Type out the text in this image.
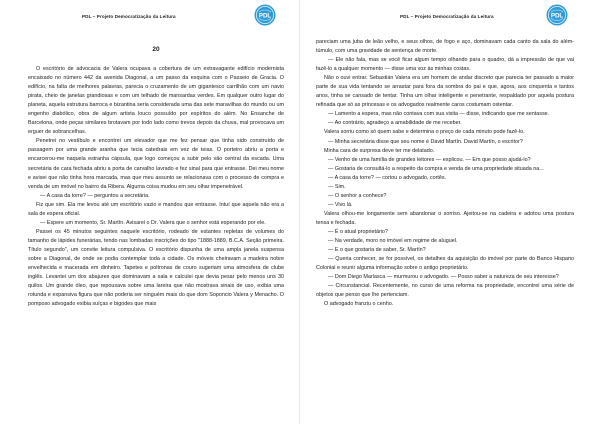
PDL – Projeto Democratização da Leitura	PDL
20

O escritório de advocacia de Valera ocupava a cobertura de um extravagante edifício modernista encaixado no número 442 da avenida Diagonal, a um passo da esquina com o Passeio de Gracia. O edifício, na falta de melhores palavras, parecia o cruzamento de um gigantesco carrilhão com um navio pirata, cheio de janelas grandiosas e com um telhado de mansardas verdes. Em qualquer outro lugar do planeta, aquela estrutura barroca e bizantina seria considerada uma das sete maravilhas do mundo ou um engenho diabólico, obra de algum artista louco possuído por espíritos do além. No Ensanche de Barcelona, onde peças similares brotavam por todo lado como trevos depois da chuva, mal provocava um erguer de sobrancelhas.

Penetrei no vestíbulo e encontrei um elevador que me fez pensar que tinha sido construído de passagem por uma grande aranha que tecia catedrais em vez de teias. O porteiro abriu a porta e encarcerou-me naquela estranha cápsula, que logo começou a subir pelo vão central da escada. Uma secretária de cara fechada abriu a porta de carvalho lavrado e fez sinal para que entrasse. Dei meu nome e avisei que não tinha hora marcada, mas que meu assunto se relacionava com o processo de compra e venda de um imóvel no bairro da Ribera. Alguma coisa mudou em seu olhar impenetrável.

— A casa da torre? — perguntou a secretária.

Fiz que sim. Ela me levou até um escritório vazio e mandou que entrasse. Intuí que aquela não era a sala de espera oficial.

— Espere um momento, Sr. Martín. Avisarei o Dr. Valera que o senhor está esperando por ele.

Passei os 45 minutos seguintes naquele escritório, rodeado de estantes repletas de volumes do tamanho de lápides funerárias, tendo nas lombadas inscrições do tipo "1888-1889, B.C.A. Seção primeira. Título segundo", um convite leitura compulsiva. O escritório dispunha de uma ampla janela suspensa sobre a Diagonal, de onde se podia contemplar toda a cidade. Os móveis cheiravam a madeira nobre envelhecida e macerada em dinheiro. Tapetes e poltronas de couro sugeriam uma atmosfera de clube inglês. Levantei um dos abajures que dominavam a sala e calculei que devia pesar pelo menos uns 30 quilos. Um grande óleo, que repousava sobre uma lareira que não mostrava sinais de uso, exibia uma rotunda e expansiva figura que não poderia ser ninguém mais do que dom Soponcio Valera y Menacho. O pomposo advogado exibia suíças e bigodes que mais

PDL – Projeto Democratização da Leitura	PDL

pareciam uma juba de leão velho, e seus olhos, de fogo e aço, dominavam cada canto da sala do além-túmulo, com uma gravidade de sentença de morte.

— Ele não fala, mas se você ficar algum tempo olhando para o quadro, dá a impressão de que vai fazê-lo a qualquer momento — disse uma voz às minhas costas.

Não o ouvi entrar. Sebastián Valera era um homem de andar discreto que parecia ter passado a maior parte de sua vida tentando se arrastar para fora da sombra do pai e que, agora, aos cinquenta e tantos anos, tinha se cansado de tentar. Tinha um olhar inteligente e penetrante, respaldado por aquela postura refinada que só as princesas e os advogados realmente caros costumam ostentar.

— Lamento a espera, mas não contava com sua visita — disse, indicando que me sentasse.

— Ao contrário, agradeço a amabilidade de me receber.

Valera sorriu como só quem sabe e determina o preço de cada minuto pode fazê-lo.

— Minha secretária disse que seu nome é David Martín. David Martín, o escritor?

Minha cara de surpresa deve ter me delatado.

— Venho de uma família de grandes leitores — explicou. — Em que posso ajudá-lo?

— Gostaria de consultá-lo a respeito da compra e venda de uma propriedade situada na...

— A casa da torre? — cortou o advogado, cortês.

— Sim.

— O senhor a conhece?

— Vivo lá.

Valera olhou-me longamente sem abandonar o sorriso. Ajeitou-se na cadeira e adotou uma postura tensa e fechada.

— É o atual proprietário?

— Na verdade, moro no imóvel em regime de aluguel.

— E o que gostaria de saber, Sr. Martín?

— Queria conhecer, se for possível, os detalhes da aquisição do imóvel por parte do Banco Hispano Colonial e reunir alguma informação sobre o antigo proprietário.

— Dom Diego Marlasca — murmurou o advogado. — Posso saber a natureza de seu interesse?

— Circunstancial. Recentemente, no curso de uma reforma na propriedade, encontrei uma série de objetos que penso que lhe pertenciam.

O advogado franziu o cenho.
